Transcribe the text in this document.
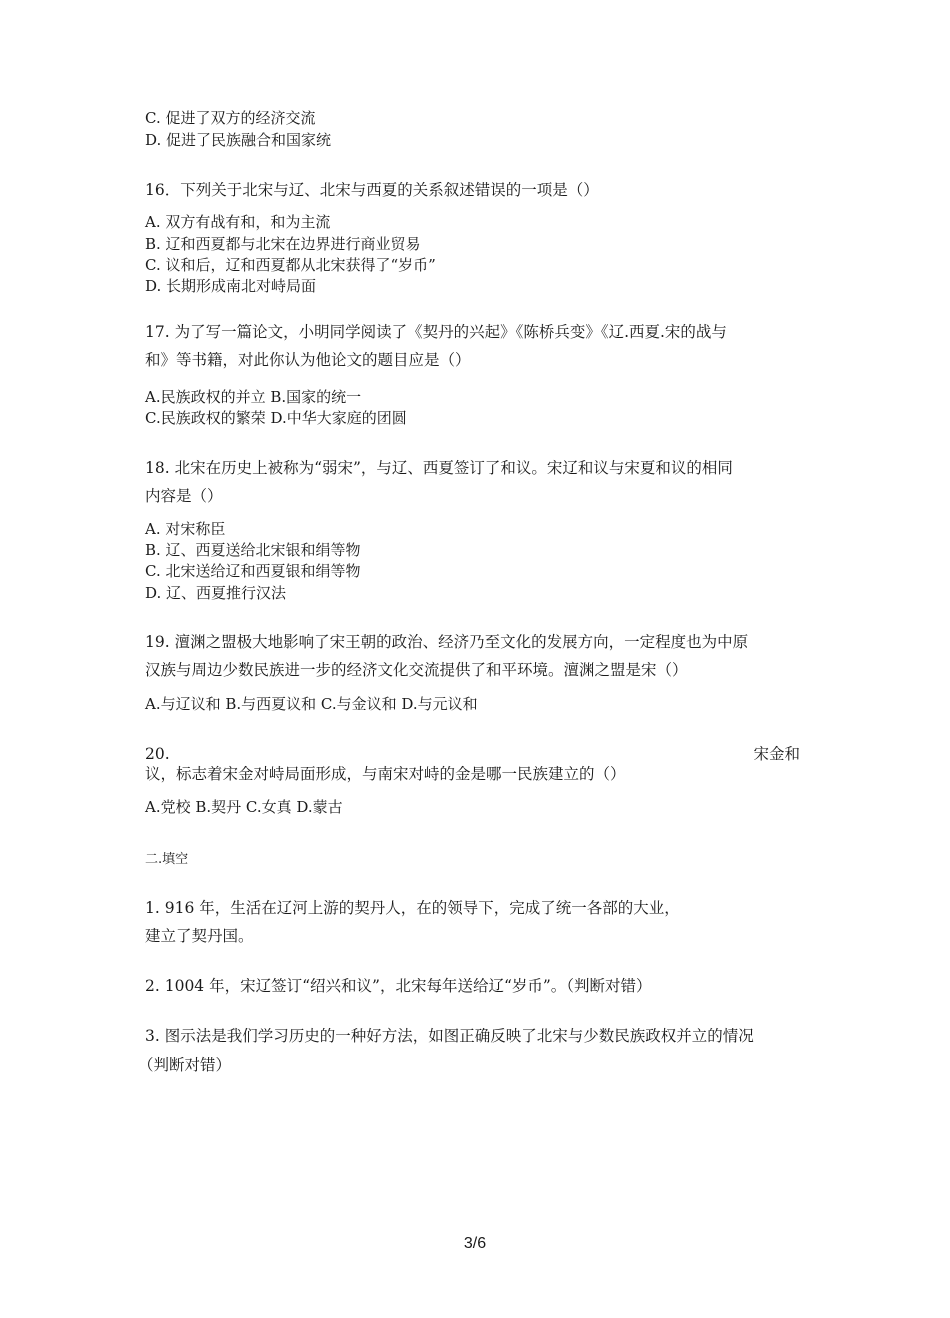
C. 促进了双方的经济交流
D. 促进了民族融合和国家统
16．下列关于北宋与辽、北宋与西夏的关系叙述错误的一项是（）
A. 双方有战有和，和为主流
B. 辽和西夏都与北宋在边界进行商业贸易
C. 议和后，辽和西夏都从北宋获得了“岁币”
D. 长期形成南北对峙局面
17. 为了写一篇论文，小明同学阅读了《契丹的兴起》《陈桥兵变》《辽.西夏.宋的战与
和》等书籍，对此你认为他论文的题目应是（）
A.民族政权的并立 B.国家的统一
C.民族政权的繁荣 D.中华大家庭的团圆
18. 北宋在历史上被称为“弱宋”，与辽、西夏签订了和议。宋辽和议与宋夏和议的相同
内容是（）
A. 对宋称臣
B. 辽、西夏送给北宋银和绢等物
C. 北宋送给辽和西夏银和绢等物
D. 辽、西夏推行汉法
19. 澶渊之盟极大地影响了宋王朝的政治、经济乃至文化的发展方向，一定程度也为中原
汉族与周边少数民族进一步的经济文化交流提供了和平环境。澶渊之盟是宋（）
A.与辽议和 B.与西夏议和 C.与金议和 D.与元议和
20.	宋金和
议，标志着宋金对峙局面形成，与南宋对峙的金是哪一民族建立的（）
A.党校 B.契丹 C.女真 D.蒙古
二.填空
1. 916 年，生活在辽河上游的契丹人，在的领导下，完成了统一各部的大业，
建立了契丹国。
2. 1004 年，宋辽签订“绍兴和议”，北宋每年送给辽“岁币”。（判断对错）
3. 图示法是我们学习历史的一种好方法，如图正确反映了北宋与少数民族政权并立的情况
（判断对错）
3/6
